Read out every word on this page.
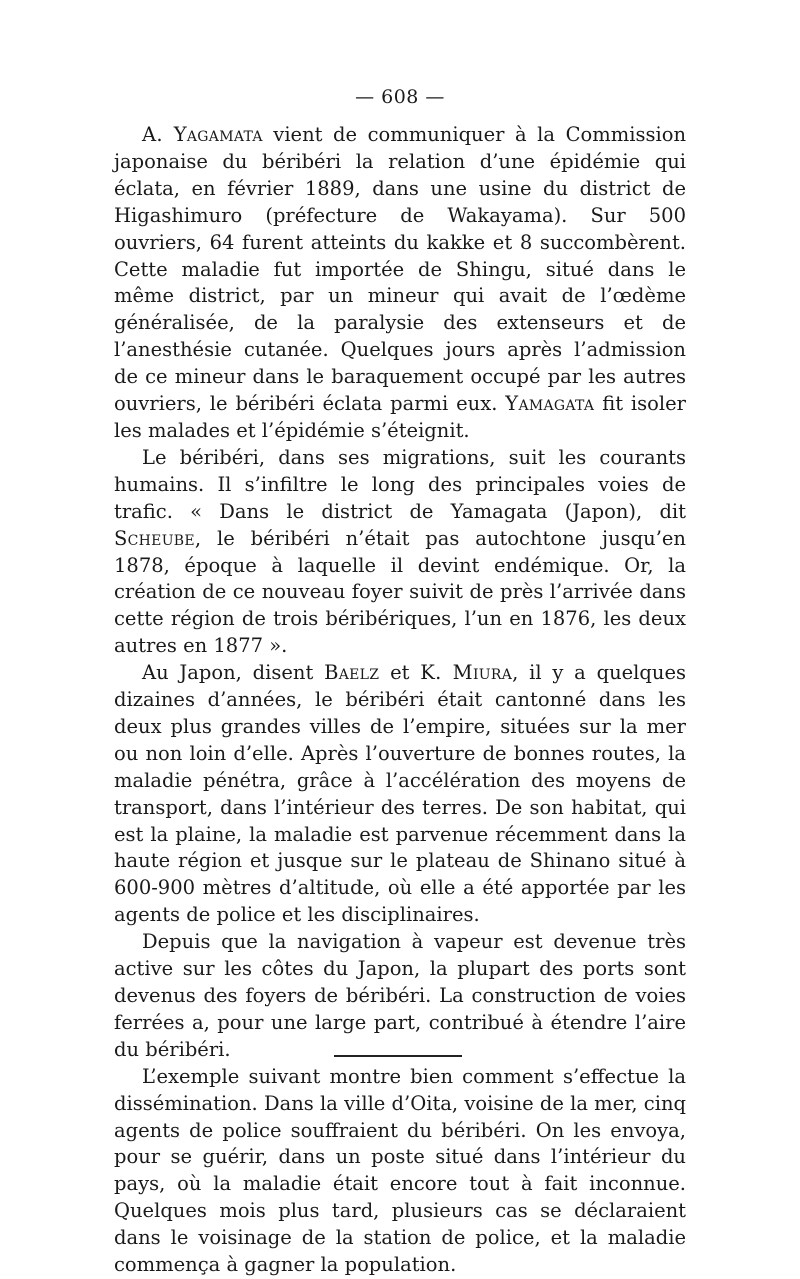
— 608 —

A. Yagamata vient de communiquer à la Commission japonaise du béribéri la relation d’une épidémie qui éclata, en février 1889, dans une usine du district de Higashimuro (préfecture de Wakayama). Sur 500 ouvriers, 64 furent atteints du kakke et 8 succombèrent. Cette maladie fut importée de Shingu, situé dans le même district, par un mineur qui avait de l’œdème généralisée, de la paralysie des extenseurs et de l’anesthésie cutanée. Quelques jours après l’admission de ce mineur dans le baraquement occupé par les autres ouvriers, le béribéri éclata parmi eux. Yamagata fit isoler les malades et l’épidémie s’éteignit.

Le béribéri, dans ses migrations, suit les courants humains. Il s’infiltre le long des principales voies de trafic. « Dans le district de Yamagata (Japon), dit Scheube, le béribéri n’était pas autochtone jusqu’en 1878, époque à laquelle il devint endémique. Or, la création de ce nouveau foyer suivit de près l’arrivée dans cette région de trois béribériques, l’un en 1876, les deux autres en 1877 ».

Au Japon, disent Baelz et K. Miura, il y a quelques dizaines d’années, le béribéri était cantonné dans les deux plus grandes villes de l’empire, situées sur la mer ou non loin d’elle. Après l’ouverture de bonnes routes, la maladie pénétra, grâce à l’accélération des moyens de transport, dans l’intérieur des terres. De son habitat, qui est la plaine, la maladie est parvenue récemment dans la haute région et jusque sur le plateau de Shinano situé à 600-900 mètres d’altitude, où elle a été apportée par les agents de police et les disciplinaires.

Depuis que la navigation à vapeur est devenue très active sur les côtes du Japon, la plupart des ports sont devenus des foyers de béribéri. La construction de voies ferrées a, pour une large part, contribué à étendre l’aire du béribéri.

L’exemple suivant montre bien comment s’effectue la dissémination. Dans la ville d’Oita, voisine de la mer, cinq agents de police souffraient du béribéri. On les envoya, pour se guérir, dans un poste situé dans l’intérieur du pays, où la maladie était encore tout à fait inconnue. Quelques mois plus tard, plusieurs cas se déclaraient dans le voisinage de la station de police, et la maladie commença à gagner la population.
